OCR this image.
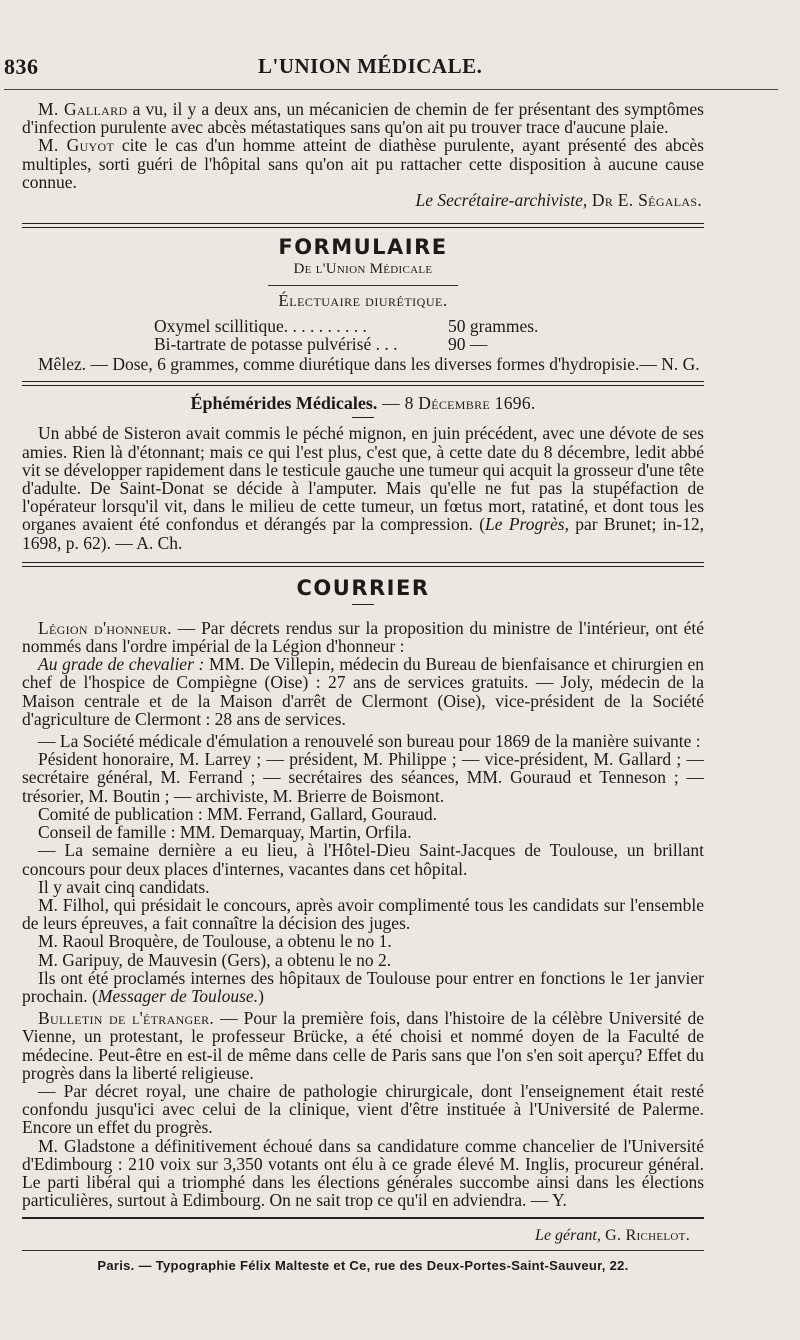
836	L'UNION MÉDICALE.

M. Gallard a vu, il y a deux ans, un mécanicien de chemin de fer présentant des symptômes d'infection purulente avec abcès métastatiques sans qu'on ait pu trouver trace d'aucune plaie.

M. Guyot cite le cas d'un homme atteint de diathèse purulente, ayant présenté des abcès multiples, sorti guéri de l'hôpital sans qu'on ait pu rattacher cette disposition à aucune cause connue.

Le Secrétaire-archiviste, Dr E. Ségalas.

FORMULAIRE
De l'Union Médicale
Électuaire diurétique.
Oxymel scillitique. . . . . . . . . .	50 grammes.
Bi-tartrate de potasse pulvérisé . . .	90 —

Mêlez. — Dose, 6 grammes, comme diurétique dans les diverses formes d'hydropisie.— N. G.

Éphémérides Médicales. — 8 Décembre 1696.

Un abbé de Sisteron avait commis le péché mignon, en juin précédent, avec une dévote de ses amies. Rien là d'étonnant; mais ce qui l'est plus, c'est que, à cette date du 8 décembre, ledit abbé vit se développer rapidement dans le testicule gauche une tumeur qui acquit la grosseur d'une tête d'adulte. De Saint-Donat se décide à l'amputer. Mais qu'elle ne fut pas la stupéfaction de l'opérateur lorsqu'il vit, dans le milieu de cette tumeur, un fœtus mort, ratatiné, et dont tous les organes avaient été confondus et dérangés par la compression. (Le Progrès, par Brunet; in-12, 1698, p. 62). — A. Ch.

COURRIER

Légion d'honneur. — Par décrets rendus sur la proposition du ministre de l'intérieur, ont été nommés dans l'ordre impérial de la Légion d'honneur :

Au grade de chevalier : MM. De Villepin, médecin du Bureau de bienfaisance et chirurgien en chef de l'hospice de Compiègne (Oise) : 27 ans de services gratuits. — Joly, médecin de la Maison centrale et de la Maison d'arrêt de Clermont (Oise), vice-président de la Société d'agriculture de Clermont : 28 ans de services.

— La Société médicale d'émulation a renouvelé son bureau pour 1869 de la manière suivante :

Pésident honoraire, M. Larrey ; — président, M. Philippe ; — vice-président, M. Gallard ; — secrétaire général, M. Ferrand ; — secrétaires des séances, MM. Gouraud et Tenneson ; — trésorier, M. Boutin ; — archiviste, M. Brierre de Boismont.

Comité de publication : MM. Ferrand, Gallard, Gouraud.

Conseil de famille : MM. Demarquay, Martin, Orfila.

— La semaine dernière a eu lieu, à l'Hôtel-Dieu Saint-Jacques de Toulouse, un brillant concours pour deux places d'internes, vacantes dans cet hôpital.

Il y avait cinq candidats.

M. Filhol, qui présidait le concours, après avoir complimenté tous les candidats sur l'ensemble de leurs épreuves, a fait connaître la décision des juges.

M. Raoul Broquère, de Toulouse, a obtenu le no 1.

M. Garipuy, de Mauvesin (Gers), a obtenu le no 2.

Ils ont été proclamés internes des hôpitaux de Toulouse pour entrer en fonctions le 1er janvier prochain. (Messager de Toulouse.)

Bulletin de l'étranger. — Pour la première fois, dans l'histoire de la célèbre Université de Vienne, un protestant, le professeur Brücke, a été choisi et nommé doyen de la Faculté de médecine. Peut-être en est-il de même dans celle de Paris sans que l'on s'en soit aperçu? Effet du progrès dans la liberté religieuse.

— Par décret royal, une chaire de pathologie chirurgicale, dont l'enseignement était resté confondu jusqu'ici avec celui de la clinique, vient d'être instituée à l'Université de Palerme. Encore un effet du progrès.

M. Gladstone a définitivement échoué dans sa candidature comme chancelier de l'Université d'Edimbourg : 210 voix sur 3,350 votants ont élu à ce grade élevé M. Inglis, procureur général. Le parti libéral qui a triomphé dans les élections générales succombe ainsi dans les élections particulières, surtout à Edimbourg. On ne sait trop ce qu'il en adviendra. — Y.

Le gérant, G. Richelot.
Paris. — Typographie Félix Malteste et Ce, rue des Deux-Portes-Saint-Sauveur, 22.
